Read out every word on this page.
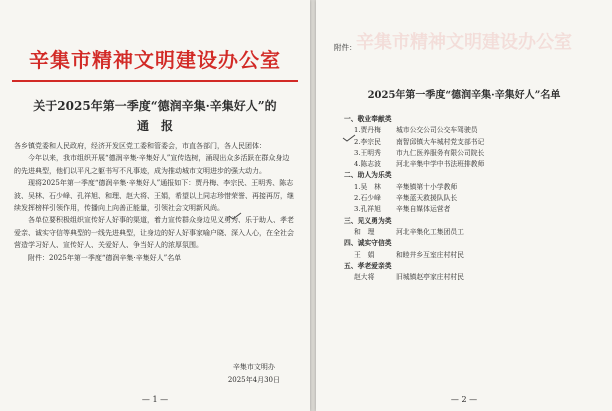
辛集市精神文明建设办公室
关于2025年第一季度“德润辛集·辛集好人”的
通　报

各乡镇党委和人民政府，经济开发区党工委和管委会，市直各部门，各人民团体：

今年以来，我市组织开展“德润辛集·辛集好人”宣传选树，涌现出众多活跃在群众身边的先进典型，他们以平凡之躯书写不凡事迹，成为推动城市文明进步的强大动力。

现将2025年第一季度“德润辛集·辛集好人”通报如下：贾丹梅、李宗民、王明秀、陈志波、吴林、石少峰、孔祥旭、和理、赵大将、王娟，希望以上同志珍惜荣誉、再接再厉，继续发挥榜样引领作用，传播向上向善正能量，引领社会文明新风尚。

各单位要积极组织宣传好人好事的渠道，着力宣传群众身边见义勇为、乐于助人、孝老爱亲、诚实守信等典型的一线先进典型，让身边的好人好事家喻户晓、深入人心，在全社会营造学习好人、宣传好人、关爱好人、争当好人的浓厚氛围。

附件：2025年第一季度“德润辛集·辛集好人”名单

辛集市文明办
2025年4月30日
— 1 —
辛集市精神文明建设办公室
附件：
2025年第一季度“德润辛集·辛集好人”名单
一、敬业奉献类
1.贾丹梅 城市公交公司公交车驾驶员
2.李宗民 南智邱镇大车城村党支部书记
3.王明秀 市九仁医养服务有限公司院长
4.陈志波 河北辛集中学中书法班排教师
二、助人为乐类
1.吴　林 辛集镇第十小学教师
2.石少峰 辛集蓝天救援队队长
3.孔祥旭 辛集自媒体运营者
三、见义勇为类
和　理	河北辛集化工集团员工
四、诚实守信类
王　娟	和睦井乡互室庄村村民
五、孝老爱亲类
赵大将	旧城镇赵亭家庄村村民
— 2 —
